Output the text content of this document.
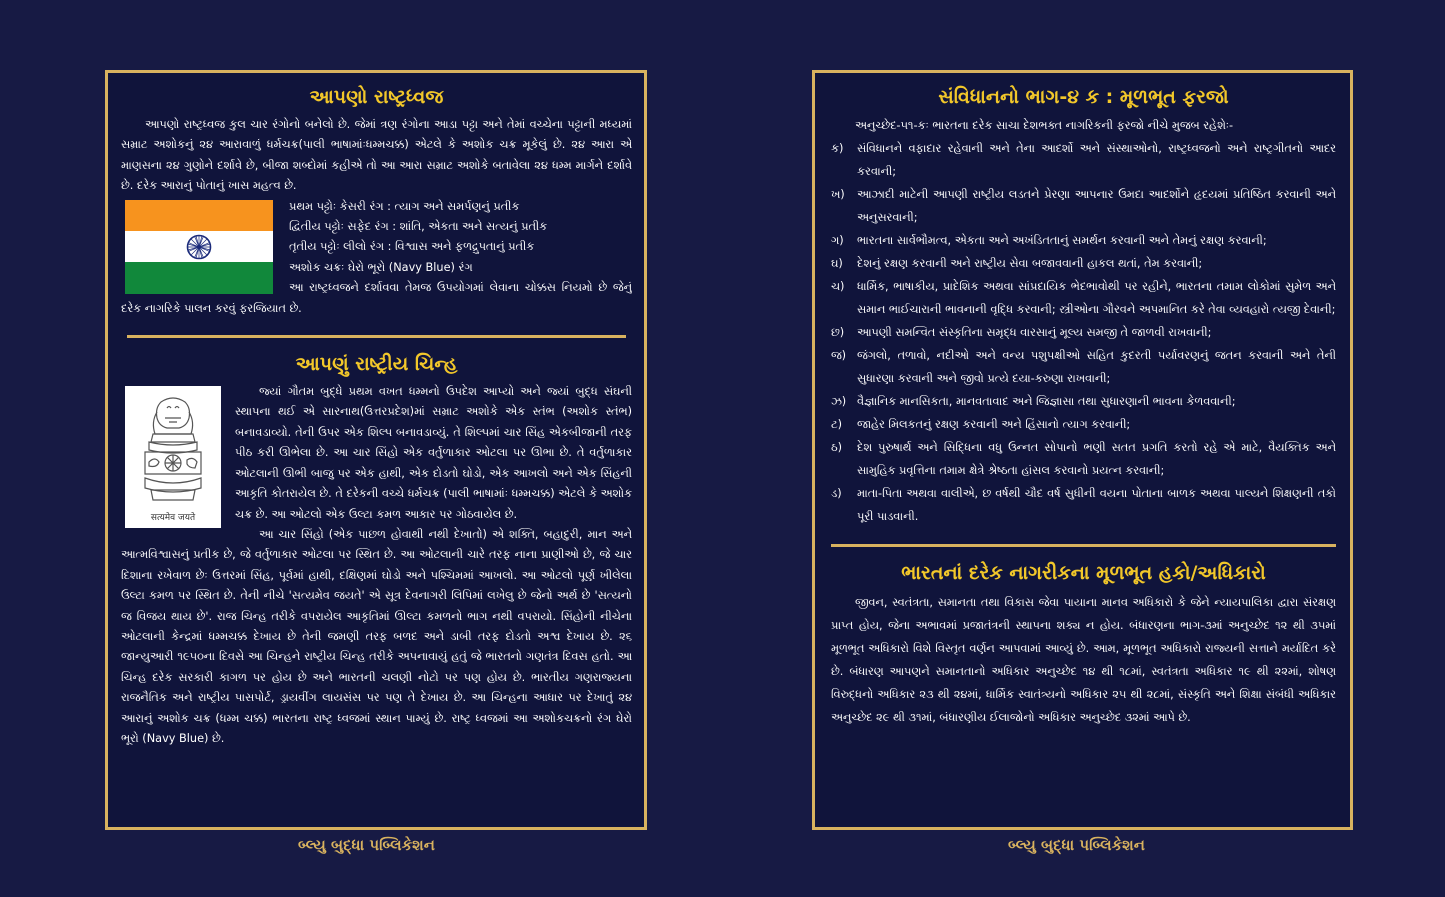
આપણો રાષ્ટ્રધ્વજ

આપણો રાષ્ટ્રધ્વજ કુલ ચાર રંગોનો બનેલો છે. જેમાં ત્રણ રંગોના આડા પટ્ટા અને તેમાં વચ્ચેના પટ્ટાની મધ્યમાં સમ્રાટ અશોકનું ૨૪ આરાવાળું ધર્મચક્ર(પાલી ભાષામાંઃધમ્મચક્ક) એટલે કે અશોક ચક્ર મૂકેલું છે. ૨૪ આરા એ માણસના ૨૪ ગુણોને દર્શાવે છે, બીજા શબ્દોમાં કહીએ તો આ આરા સમ્રાટ અશોકે બતાવેલા ૨૪ ધમ્મ માર્ગને દર્શાવે છે. દરેક આરાનું પોતાનું ખાસ મહત્વ છે.

પ્રથમ પટ્ટોઃ કેસરી રંગ : ત્યાગ અને સમર્પણનું પ્રતીક

દ્વિતીય પટ્ટોઃ સફેદ રંગ : શાંતિ, એકતા અને સત્યનું પ્રતીક

તૃતીય પટ્ટોઃ લીલો રંગ : વિશ્વાસ અને ફળદ્રુપતાનું પ્રતીક

અશોક ચક્રઃ ઘેરો ભૂરો (Navy Blue) રંગ

આ રાષ્ટ્રધ્વજને દર્શાવવા તેમજ ઉપયોગમાં લેવાના ચોક્કસ નિયમો છે જેનું દરેક નાગરિકે પાલન કરવું ફરજિયાત છે.

આપણું રાષ્ટ્રીય ચિન્હ
सत्यमेव जयते

જ્યાં ગૌતમ બુદ્ધે પ્રથમ વખત ધમ્મનો ઉપદેશ આપ્યો અને જ્યાં બુદ્ધ સંઘની સ્થાપના થઈ એ સારનાથ(ઉત્તરપ્રદેશ)માં સમ્રાટ અશોકે એક સ્તંભ (અશોક સ્તંભ) બનાવડાવ્યો. તેની ઉપર એક શિલ્પ બનાવડાવ્યું. તે શિલ્પમાં ચાર સિંહ એકબીજાની તરફ પીઠ કરી ઊભેલા છે. આ ચાર સિંહો એક વર્તુળાકાર ઓટલા પર ઊભા છે. તે વર્તુળાકાર ઓટલાની ઊભી બાજુ પર એક હાથી, એક દોડતો ઘોડો, એક આખલો અને એક સિંહની આકૃતિ કોતરાયેલ છે. તે દરેકની વચ્ચે ધર્મચક્ર (પાલી ભાષામાંઃ ધમ્મચક્ક) એટલે કે અશોક ચક્ર છે. આ ઓટલો એક ઉલ્ટા કમળ આકાર પર ગોઠવાયેલ છે.

આ ચાર સિંહો (એક પાછળ હોવાથી નથી દેખાતો) એ શક્તિ, બહાદુરી, માન અને આત્મવિશ્વાસનું પ્રતીક છે, જે વર્તુળાકાર ઓટલા પર સ્થિત છે. આ ઓટલાની ચારે તરફ નાના પ્રાણીઓ છે, જે ચાર દિશાના રખેવાળ છેઃ ઉત્તરમાં સિંહ, પૂર્વમાં હાથી, દક્ષિણમાં ઘોડો અને પશ્ચિમમાં આખલો. આ ઓટલો પૂર્ણ ખીલેલા ઉલ્ટા કમળ પર સ્થિત છે. તેની નીચે 'સત્યમેવ જયતે' એ સૂત્ર દેવનાગરી લિપિમાં લખેલુ છે જેનો અર્થ છે 'સત્યનો જ વિજય થાય છે'. રાજ ચિન્હ તરીકે વપરાયેલ આકૃતિમાં ઊલ્ટા કમળનો ભાગ નથી વપરાયો. સિંહોની નીચેના ઓટલાની કેન્દ્રમાં ધમ્મચક્ક દેખાય છે તેની જમણી તરફ બળદ અને ડાબી તરફ દોડતો અશ્વ દેખાય છે. ૨૬ જાન્યુઆરી ૧૯૫૦ના દિવસે આ ચિન્હને રાષ્ટ્રીય ચિન્હ તરીકે અપનાવાયું હતું જે ભારતનો ગણતંત્ર દિવસ હતો. આ ચિન્હ દરેક સરકારી કાગળ પર હોય છે અને ભારતની ચલણી નોટો પર પણ હોય છે. ભારતીય ગણરાજ્યના રાજનૈતિક અને રાષ્ટ્રીય પાસપોર્ટ, ડ્રાયવીંગ લાયસંસ પર પણ તે દેખાય છે. આ ચિન્હના આધાર પર દેખાતું ૨૪ આરાનું અશોક ચક્ર (ધમ્મ ચક્ક) ભારતના રાષ્ટ્ર ધ્વજમાં સ્થાન પામ્યું છે. રાષ્ટ્ર ધ્વજમાં આ અશોકચક્રનો રંગ ઘેરો ભૂરો (Navy Blue) છે.

બ્લ્યુ બુદ્ધા પબ્લિકેશન
સંવિધાનનો ભાગ-૪ ક : મૂળભૂત ફરજો

અનુચ્છેદ-૫૧-કઃ ભારતના દરેક સાચા દેશભક્ત નાગરિકની ફરજો નીચે મુજબ રહેશેઃ-

ક)	સંવિધાનને વફાદાર રહેવાની અને તેના આદર્શો અને સંસ્થાઓનો, રાષ્ટ્રધ્વજનો અને રાષ્ટ્રગીતનો આદર કરવાની;
ખ)	આઝાદી માટેની આપણી રાષ્ટ્રીય લડતને પ્રેરણા આપનાર ઉમદા આદર્શોને હૃદયમાં પ્રતિષ્ઠિત કરવાની અને અનુસરવાની;
ગ)	ભારતના સાર્વભૌમત્વ, એકતા અને અખંડિતતાનું સમર્થન કરવાની અને તેમનું રક્ષણ કરવાની;
ઘ)	દેશનું રક્ષણ કરવાની અને રાષ્ટ્રીય સેવા બજાવવાની હાકલ થતાં, તેમ કરવાની;
ચ)	ધાર્મિક, ભાષાકીય, પ્રાદેશિક અથવા સાંપ્રદાયિક ભેદભાવોથી પર રહીને, ભારતના તમામ લોકોમાં સુમેળ અને સમાન ભાઈચારાની ભાવનાની વૃદ્ધિ કરવાની; સ્ત્રીઓના ગૌરવને અપમાનિત કરે તેવા વ્યવહારો ત્યજી દેવાની;
છ)	આપણી સમન્વિત સંસ્કૃતિના સમૃદ્ધ વારસાનું મૂલ્ય સમજી તે જાળવી રાખવાની;
જ) જંગલો, તળાવો, નદીઓ અને વન્ય પશુપક્ષીઓ સહિત કુદરતી પર્યાવરણનું જતન કરવાની અને તેની સુધારણા કરવાની અને જીવો પ્રત્યે દયા-કરુણા રાખવાની;
ઝ) વૈજ્ઞાનિક માનસિકતા, માનવતાવાદ અને જિજ્ઞાસા તથા સુધારણાની ભાવના કેળવવાની;
ટ)	જાહેર મિલકતનું રક્ષણ કરવાની અને હિંસાનો ત્યાગ કરવાની;
ઠ)	દેશ પુરુષાર્થ અને સિદ્ધિના વધુ ઉન્નત સોપાનો ભણી સતત પ્રગતિ કરતો રહે એ માટે, વૈયક્તિક અને સામુહિક પ્રવૃત્તિના તમામ ક્ષેત્રે શ્રેષ્ઠતા હાંસલ કરવાનો પ્રયત્ન કરવાની;
ડ)	માતા-પિતા અથવા વાલીએ, છ વર્ષથી ચૌદ વર્ષ સુધીની વયના પોતાના બાળક અથવા પાલ્યને શિક્ષણની તકો પૂરી પાડવાની.
ભારતનાં દરેક નાગરીકના મૂળભૂત હકો/અધિકારો

જીવન, સ્વતંત્રતા, સમાનતા તથા વિકાસ જેવા પાયાના માનવ અધિકારો કે જેને ન્યાયપાલિકા દ્વારા સંરક્ષણ પ્રાપ્ત હોય, જેના અભાવમાં પ્રજાતંત્રની સ્થાપના શક્ય ન હોય. બંધારણના ભાગ-૩માં અનુચ્છેદ ૧૨ થી ૩૫માં મૂળભૂત અધિકારો વિશે વિસ્તૃત વર્ણન આપવામાં આવ્યું છે. આમ, મૂળભૂત અધિકારો રાજ્યની સત્તાને મર્યાદિત કરે છે. બંધારણ આપણને સમાનતાનો અધિકાર અનુચ્છેદ ૧૪ થી ૧૮માં, સ્વતંત્રતા અધિકાર ૧૯ થી ૨૨માં, શોષણ વિરુદ્ધનો અધિકાર ૨૩ થી ૨૪માં, ધાર્મિક સ્વાતંત્ર્યનો અધિકાર ૨૫ થી ૨૮માં, સંસ્કૃતિ અને શિક્ષા સંબંધી અધિકાર અનુચ્છેદ ૨૯ થી ૩૧માં, બંધારણીય ઈલાજોનો અધિકાર અનુચ્છેદ ૩૨માં આપે છે.

બ્લ્યુ બુદ્ધા પબ્લિકેશન
